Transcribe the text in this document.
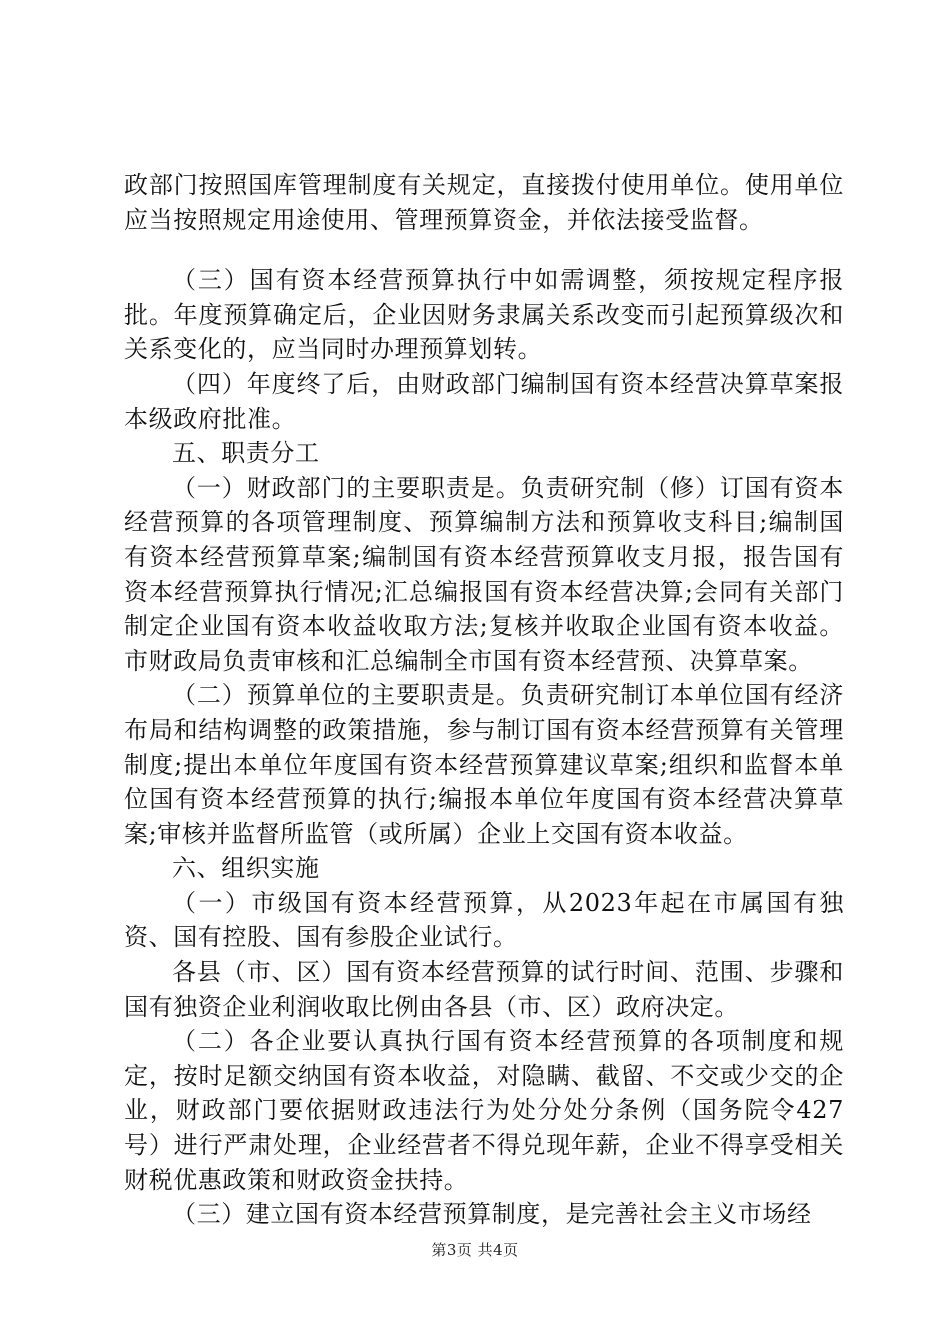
政部门按照国库管理制度有关规定，直接拨付使用单位。使用单位应当按照规定用途使用、管理预算资金，并依法接受监督。

（三）国有资本经营预算执行中如需调整，须按规定程序报批。年度预算确定后，企业因财务隶属关系改变而引起预算级次和关系变化的，应当同时办理预算划转。

（四）年度终了后，由财政部门编制国有资本经营决算草案报本级政府批准。

五、职责分工

（一）财政部门的主要职责是。负责研究制（修）订国有资本经营预算的各项管理制度、预算编制方法和预算收支科目;编制国有资本经营预算草案;编制国有资本经营预算收支月报，报告国有资本经营预算执行情况;汇总编报国有资本经营决算;会同有关部门制定企业国有资本收益收取方法;复核并收取企业国有资本收益。市财政局负责审核和汇总编制全市国有资本经营预、决算草案。

（二）预算单位的主要职责是。负责研究制订本单位国有经济布局和结构调整的政策措施，参与制订国有资本经营预算有关管理制度;提出本单位年度国有资本经营预算建议草案;组织和监督本单位国有资本经营预算的执行;编报本单位年度国有资本经营决算草案;审核并监督所监管（或所属）企业上交国有资本收益。

六、组织实施

（一）市级国有资本经营预算，从2023年起在市属国有独资、国有控股、国有参股企业试行。

各县（市、区）国有资本经营预算的试行时间、范围、步骤和国有独资企业利润收取比例由各县（市、区）政府决定。

（二）各企业要认真执行国有资本经营预算的各项制度和规定，按时足额交纳国有资本收益，对隐瞒、截留、不交或少交的企业，财政部门要依据财政违法行为处分处分条例（国务院令427号）进行严肃处理，企业经营者不得兑现年薪，企业不得享受相关财税优惠政策和财政资金扶持。

（三）建立国有资本经营预算制度，是完善社会主义市场经

第3页 共4页
